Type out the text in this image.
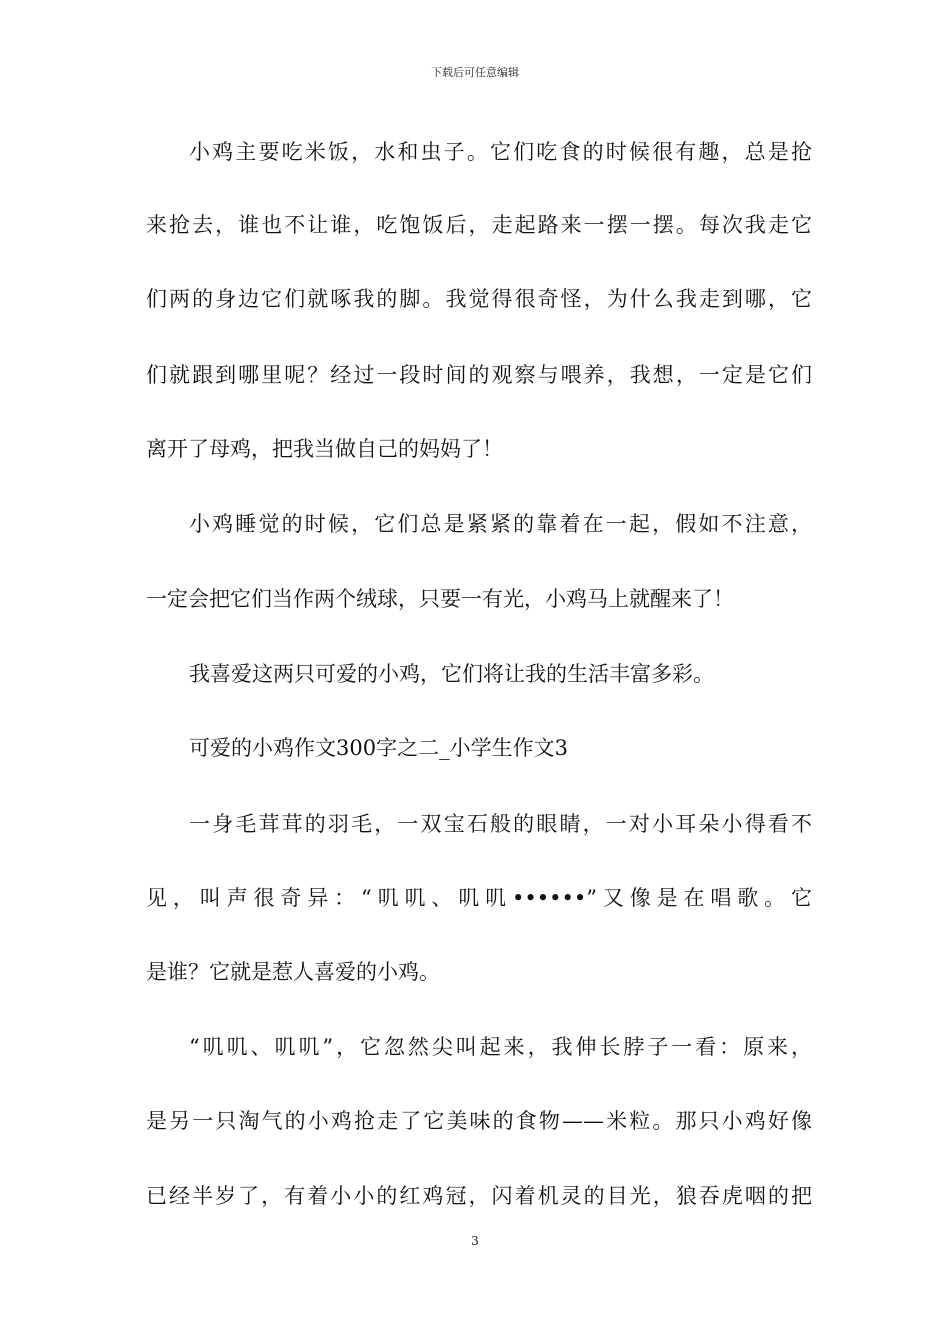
下载后可任意编辑
小鸡主要吃米饭，水和虫子。它们吃食的时候很有趣，总是抢
来抢去，谁也不让谁，吃饱饭后，走起路来一摆一摆。每次我走它
们两的身边它们就啄我的脚。我觉得很奇怪，为什么我走到哪，它
们就跟到哪里呢？经过一段时间的观察与喂养，我想，一定是它们
离开了母鸡，把我当做自己的妈妈了！
小鸡睡觉的时候，它们总是紧紧的靠着在一起，假如不注意，
一定会把它们当作两个绒球，只要一有光，小鸡马上就醒来了！
我喜爱这两只可爱的小鸡，它们将让我的生活丰富多彩。
可爱的小鸡作文300字之二_小学生作文3
一身毛茸茸的羽毛，一双宝石般的眼睛，一对小耳朵小得看不
见，叫声很奇异：“叽叽、叽叽••••••”又像是在唱歌。它
是谁？它就是惹人喜爱的小鸡。
“叽叽、叽叽”，它忽然尖叫起来，我伸长脖子一看：原来，
是另一只淘气的小鸡抢走了它美味的食物——米粒。那只小鸡好像
已经半岁了，有着小小的红鸡冠，闪着机灵的目光，狼吞虎咽的把
3
